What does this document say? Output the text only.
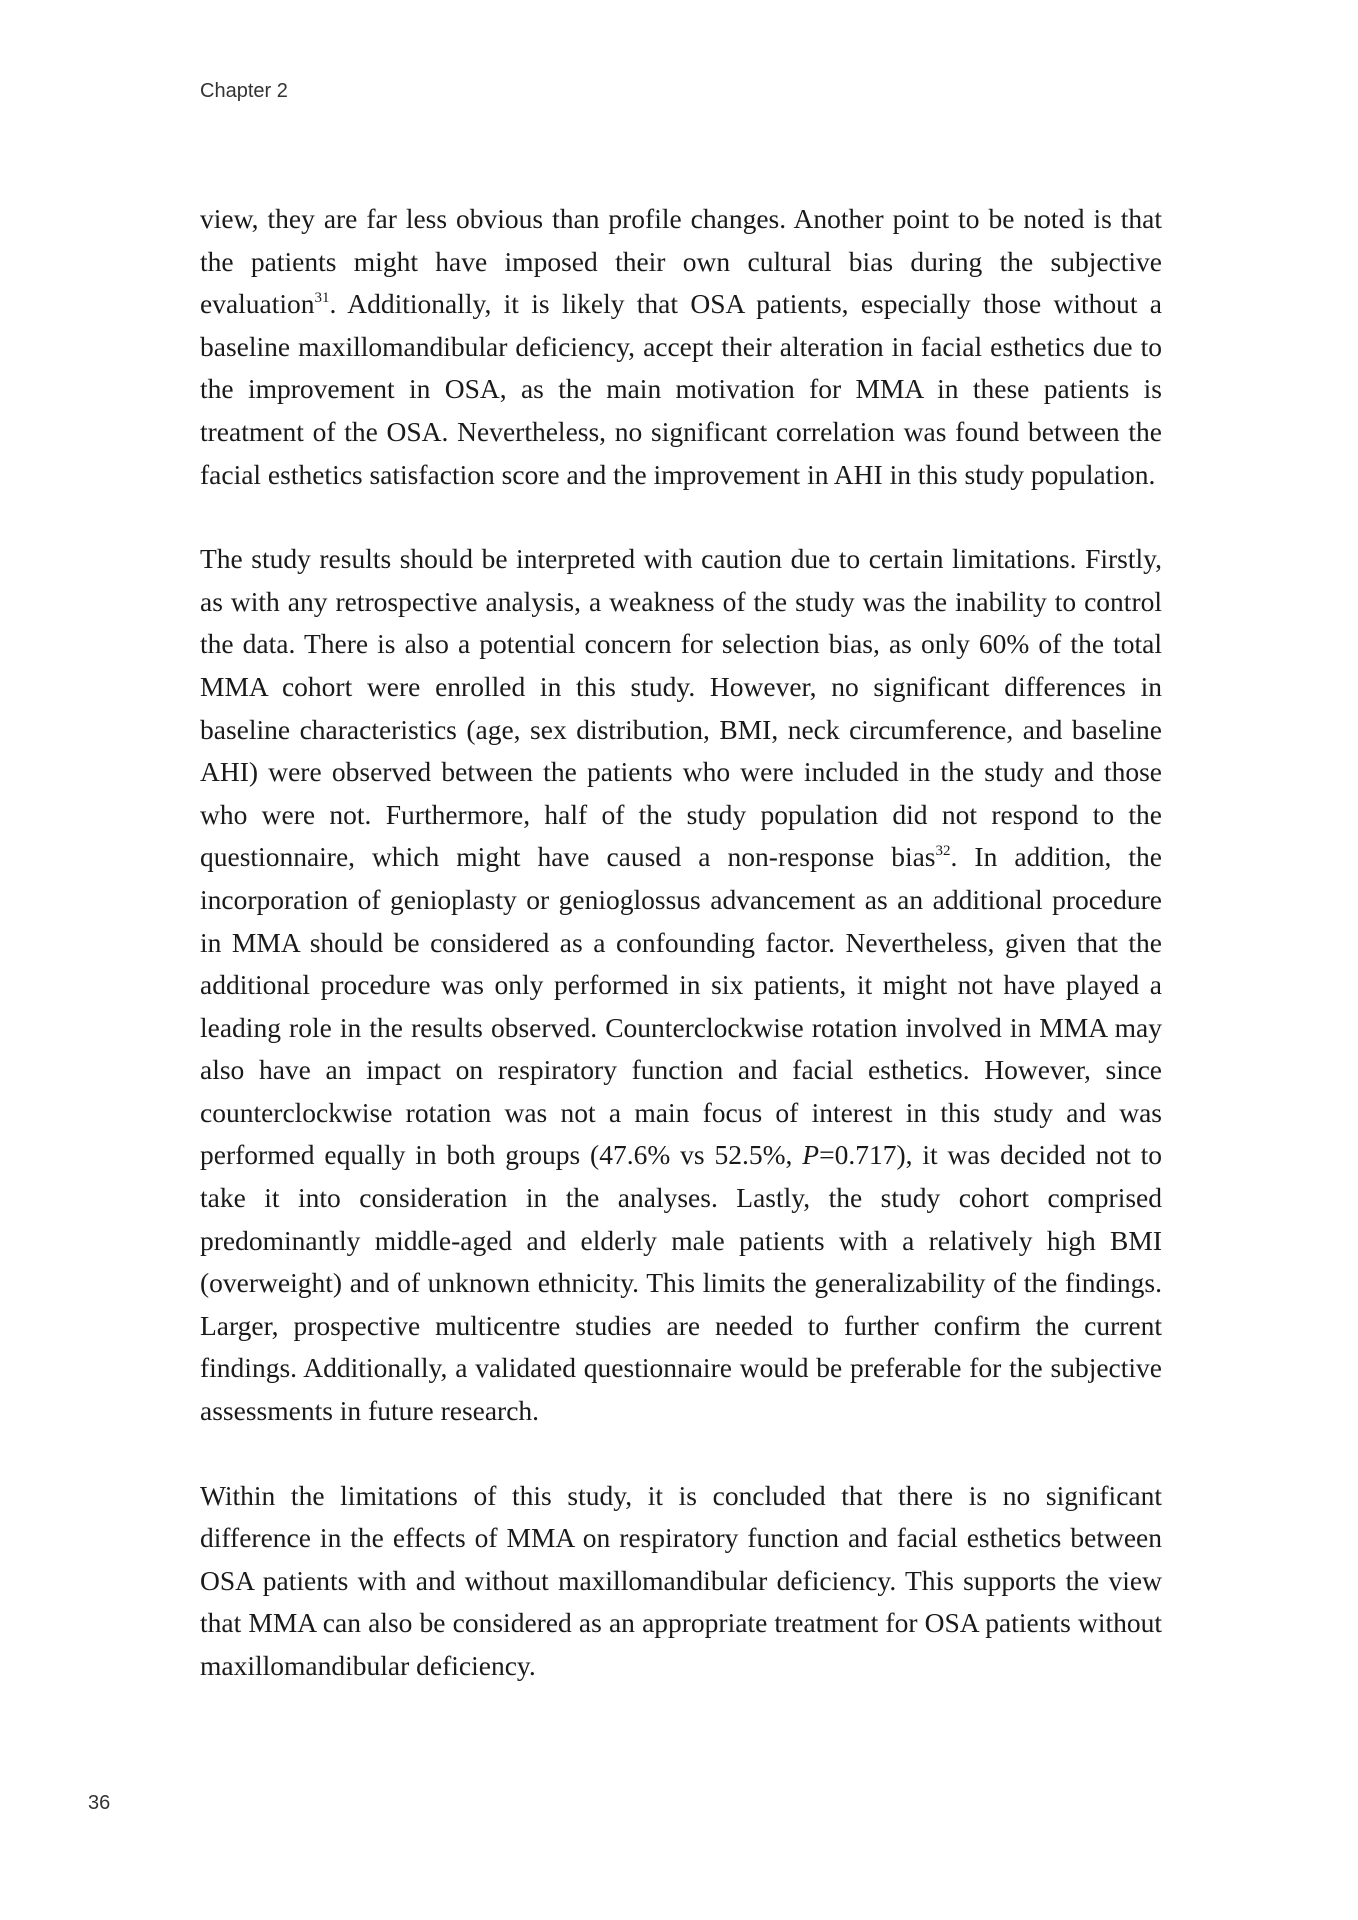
Chapter 2

view, they are far less obvious than profile changes. Another point to be noted is that the patients might have imposed their own cultural bias during the subjective evaluation$^{31}$. Additionally, it is likely that OSA patients, especially those without a baseline maxillomandibular deficiency, accept their alteration in facial esthetics due to the improvement in OSA, as the main motivation for MMA in these patients is treatment of the OSA. Nevertheless, no significant correlation was found between the facial esthetics satisfaction score and the improvement in AHI in this study population.

The study results should be interpreted with caution due to certain limitations. Firstly, as with any retrospective analysis, a weakness of the study was the inability to control the data. There is also a potential concern for selection bias, as only 60% of the total MMA cohort were enrolled in this study. However, no significant differences in baseline characteristics (age, sex distribution, BMI, neck circumference, and baseline AHI) were observed between the patients who were included in the study and those who were not. Furthermore, half of the study population did not respond to the questionnaire, which might have caused a non-response bias$^{32}$. In addition, the incorporation of genioplasty or genioglossus advancement as an additional procedure in MMA should be considered as a confounding factor. Nevertheless, given that the additional procedure was only performed in six patients, it might not have played a leading role in the results observed. Counterclockwise rotation involved in MMA may also have an impact on respiratory function and facial esthetics. However, since counterclockwise rotation was not a main focus of interest in this study and was performed equally in both groups (47.6% vs 52.5%, P=0.717), it was decided not to take it into consideration in the analyses. Lastly, the study cohort comprised predominantly middle-aged and elderly male patients with a relatively high BMI (overweight) and of unknown ethnicity. This limits the generalizability of the findings. Larger, prospective multicentre studies are needed to further confirm the current findings. Additionally, a validated questionnaire would be preferable for the subjective assessments in future research.

Within the limitations of this study, it is concluded that there is no significant difference in the effects of MMA on respiratory function and facial esthetics between OSA patients with and without maxillomandibular deficiency. This supports the view that MMA can also be considered as an appropriate treatment for OSA patients without maxillomandibular deficiency.

36
